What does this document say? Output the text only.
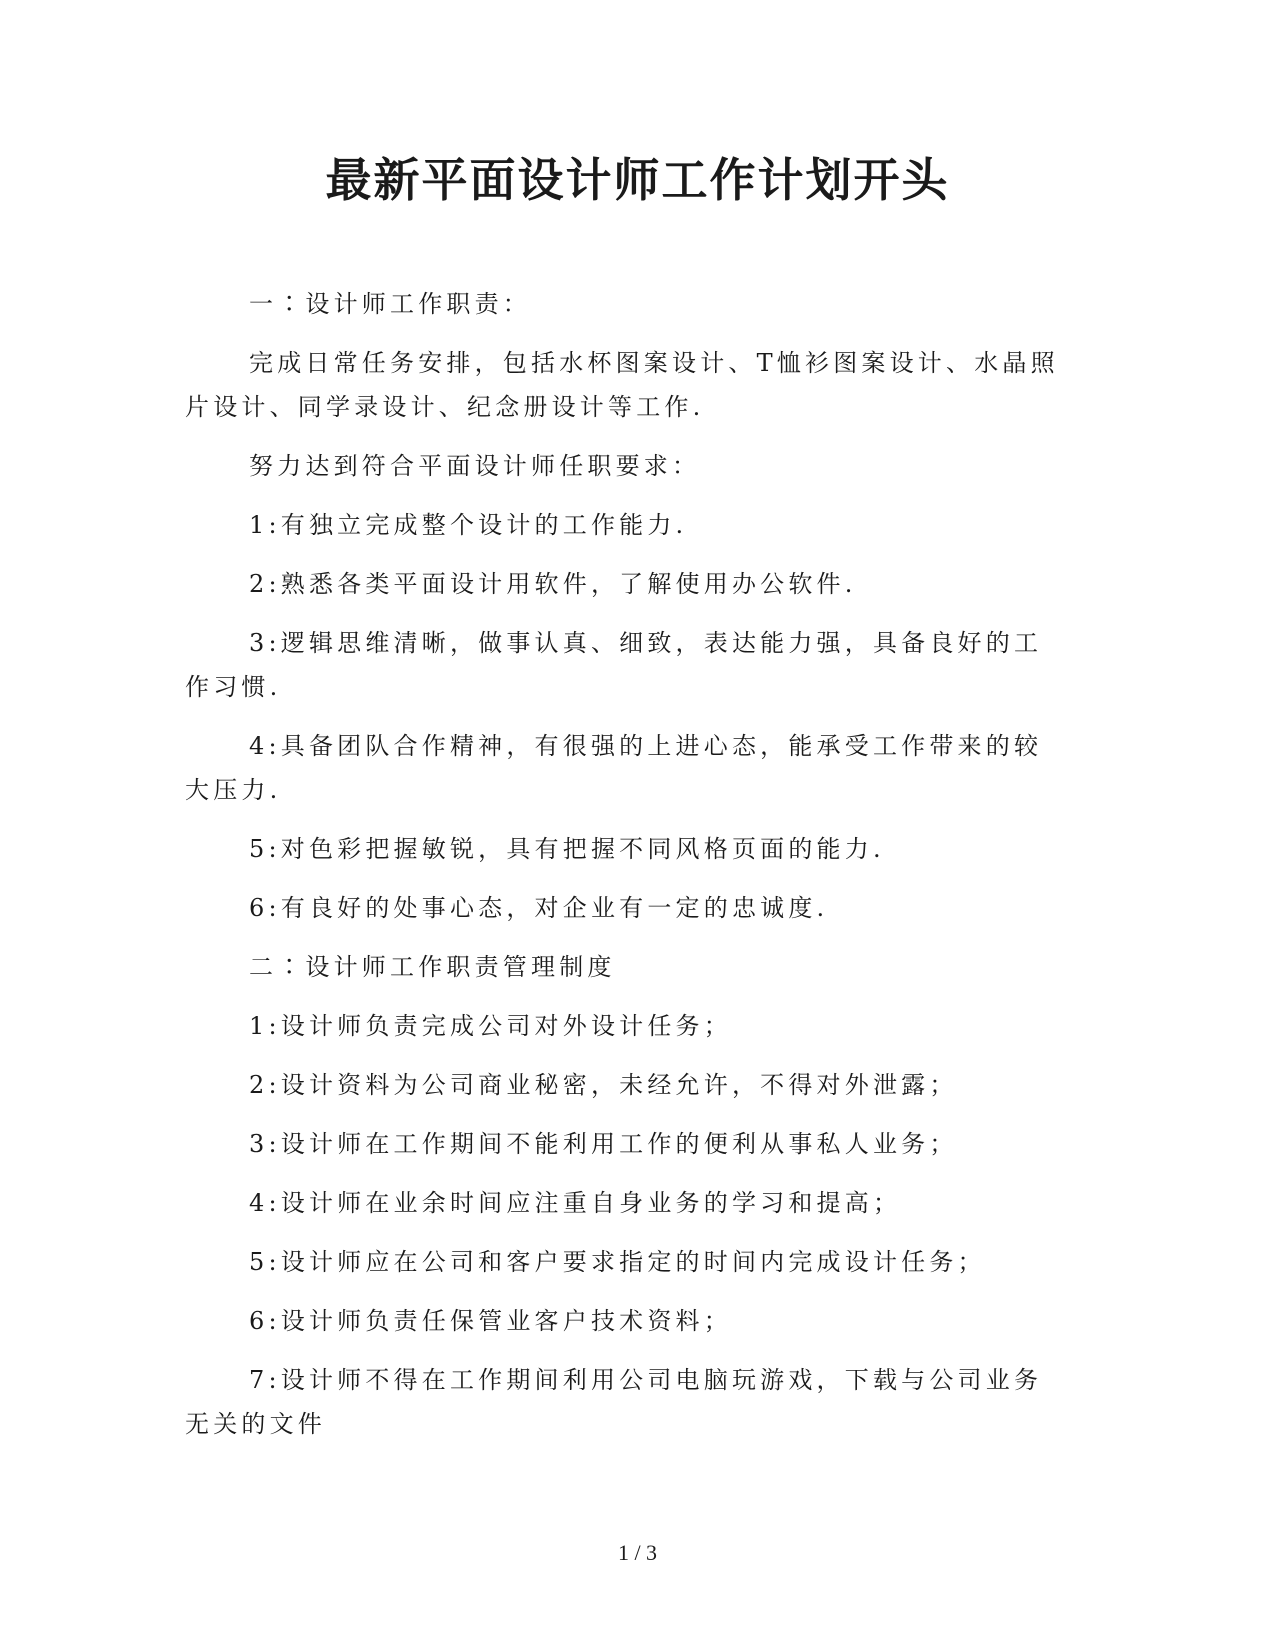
最新平面设计师工作计划开头

一∶设计师工作职责：

完成日常任务安排，包括水杯图案设计、T恤衫图案设计、水晶照片设计、同学录设计、纪念册设计等工作.

努力达到符合平面设计师任职要求：

1:有独立完成整个设计的工作能力.

2:熟悉各类平面设计用软件，了解使用办公软件.

3:逻辑思维清晰，做事认真、细致，表达能力强，具备良好的工作习惯.

4:具备团队合作精神，有很强的上进心态，能承受工作带来的较大压力.

5:对色彩把握敏锐，具有把握不同风格页面的能力.

6:有良好的处事心态，对企业有一定的忠诚度.

二∶设计师工作职责管理制度

1:设计师负责完成公司对外设计任务；

2:设计资料为公司商业秘密，未经允许，不得对外泄露；

3:设计师在工作期间不能利用工作的便利从事私人业务；

4:设计师在业余时间应注重自身业务的学习和提高；

5:设计师应在公司和客户要求指定的时间内完成设计任务；

6:设计师负责任保管业客户技术资料；

7:设计师不得在工作期间利用公司电脑玩游戏，下载与公司业务无关的文件

1 / 3
